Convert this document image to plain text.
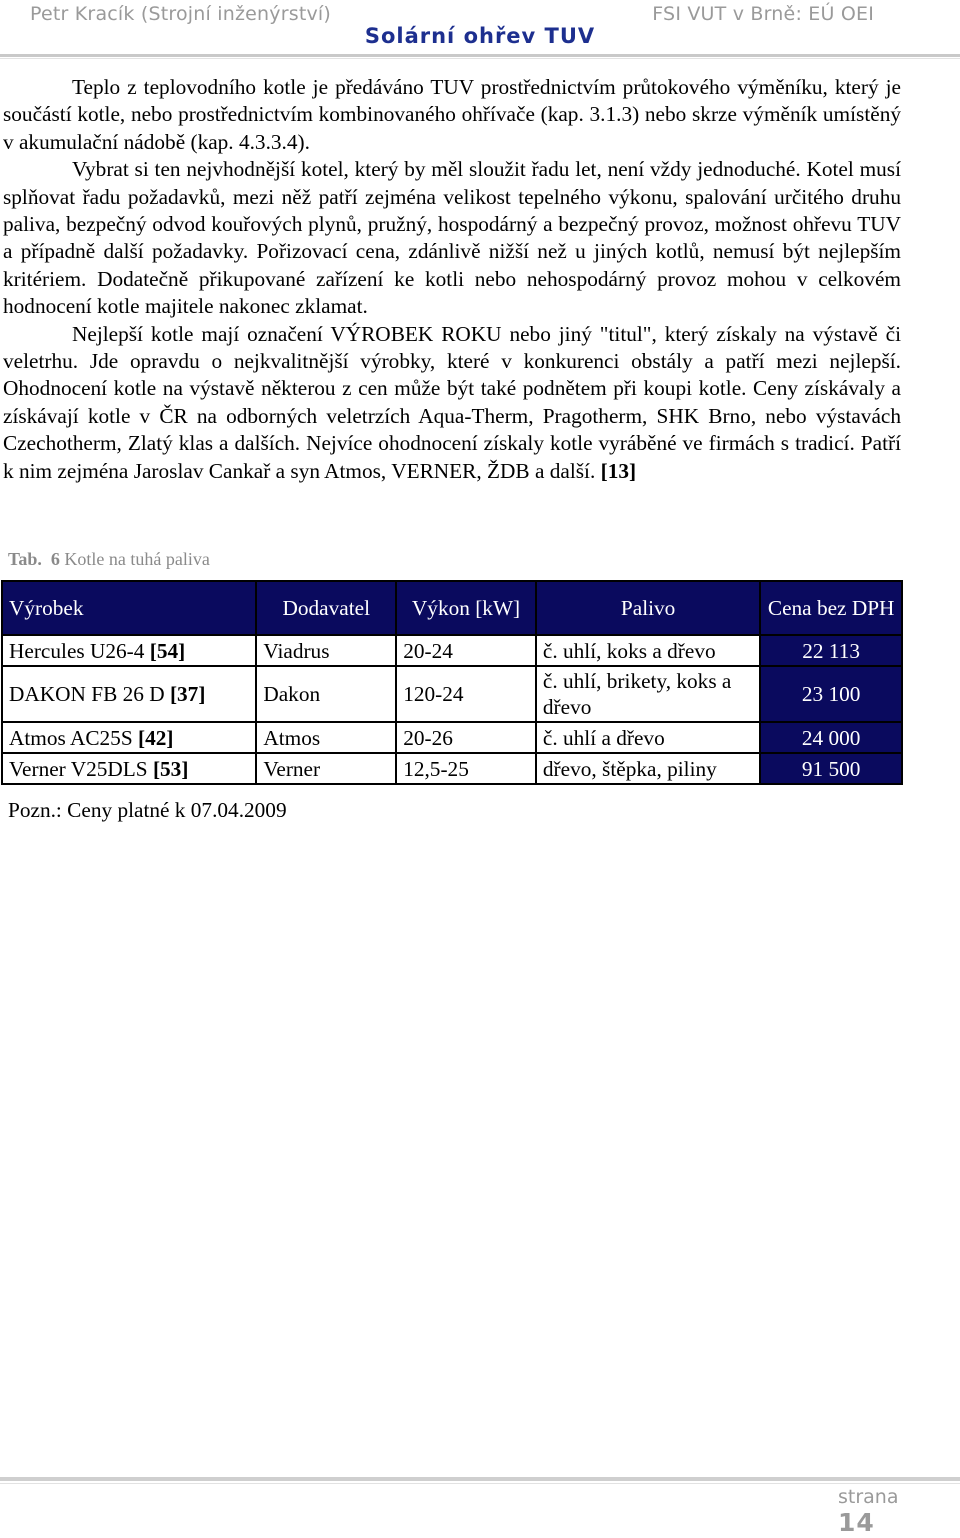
Petr Kracík (Strojní inženýrství)	FSI VUT v Brně: EÚ OEI
Solární ohřev TUV

Teplo z teplovodního kotle je předáváno TUV prostřednictvím průtokového výměníku, který je součástí kotle, nebo prostřednictvím kombinovaného ohřívače (kap. 3.1.3) nebo skrze výměník umístěný v akumulační nádobě (kap. 4.3.3.4).

Vybrat si ten nejvhodnější kotel, který by měl sloužit řadu let, není vždy jednoduché. Kotel musí splňovat řadu požadavků, mezi něž patří zejména velikost tepelného výkonu, spalování určitého druhu paliva, bezpečný odvod kouřových plynů, pružný, hospodárný a bezpečný provoz, možnost ohřevu TUV a případně další požadavky. Pořizovací cena, zdánlivě nižší než u jiných kotlů, nemusí být nejlepším kritériem. Dodatečně přikupované zařízení ke kotli nebo nehospodárný provoz mohou v celkovém hodnocení kotle majitele nakonec zklamat.

Nejlepší kotle mají označení VÝROBEK ROKU nebo jiný "titul", který získaly na výstavě či veletrhu. Jde opravdu o nejkvalitnější výrobky, které v konkurenci obstály a patří mezi nejlepší. Ohodnocení kotle na výstavě některou z cen může být také podnětem při koupi kotle. Ceny získávaly a získávají kotle v ČR na odborných veletrzích Aqua-Therm, Pragotherm, SHK Brno, nebo výstavách Czechotherm, Zlatý klas a dalších. Nejvíce ohodnocení získaly kotle vyráběné ve firmách s tradicí. Patří k nim zejména Jaroslav Cankař a syn Atmos, VERNER, ŽDB a další. [13]

Tab. 6 Kotle na tuhá paliva
Výrobek	Dodavatel	Výkon [kW]	Palivo	Cena bez DPH
Hercules U26-4 [54]	Viadrus	20-24	č. uhlí, koks a dřevo	22 113
DAKON FB 26 D [37]	Dakon	120-24	č. uhlí, brikety, koks a dřevo	23 100
Atmos AC25S [42]	Atmos	20-26	č. uhlí a dřevo	24 000
Verner V25DLS [53]	Verner	12,5-25	dřevo, štěpka, piliny	91 500
Pozn.: Ceny platné k 07.04.2009
strana
14
